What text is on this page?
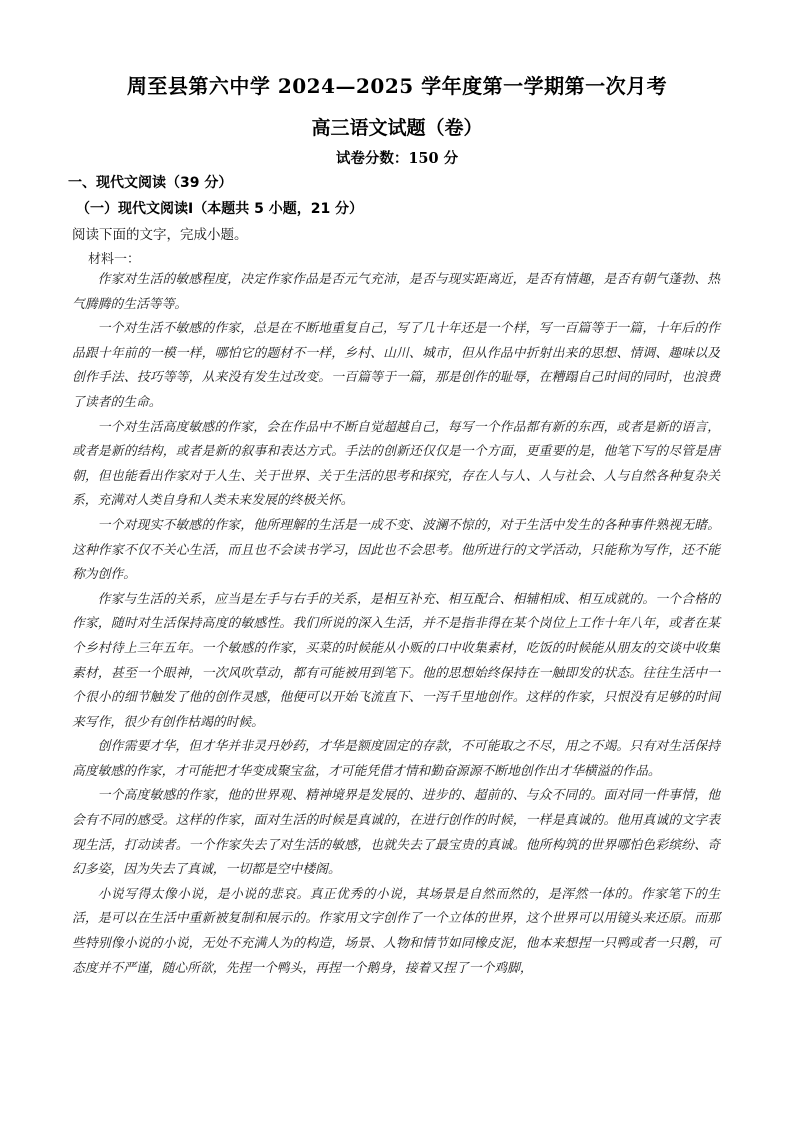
周至县第六中学 2024—2025 学年度第一学期第一次月考
高三语文试题（卷）
试卷分数：150 分
一、现代文阅读（39 分）
（一）现代文阅读Ⅰ（本题共 5 小题，21 分）
阅读下面的文字，完成小题。
材料一：

作家对生活的敏感程度，决定作家作品是否元气充沛，是否与现实距离近，是否有情趣，是否有朝气蓬勃、热气腾腾的生活等等。

一个对生活不敏感的作家，总是在不断地重复自己，写了几十年还是一个样，写一百篇等于一篇，十年后的作品跟十年前的一模一样，哪怕它的题材不一样，乡村、山川、城市，但从作品中折射出来的思想、情调、趣味以及创作手法、技巧等等，从来没有发生过改变。一百篇等于一篇，那是创作的耻辱，在糟蹋自己时间的同时，也浪费了读者的生命。

一个对生活高度敏感的作家，会在作品中不断自觉超越自己，每写一个作品都有新的东西，或者是新的语言，或者是新的结构，或者是新的叙事和表达方式。手法的创新还仅仅是一个方面，更重要的是，他笔下写的尽管是唐朝，但也能看出作家对于人生、关于世界、关于生活的思考和探究，存在人与人、人与社会、人与自然各种复杂关系，充满对人类自身和人类未来发展的终极关怀。

一个对现实不敏感的作家，他所理解的生活是一成不变、波澜不惊的，对于生活中发生的各种事件熟视无睹。这种作家不仅不关心生活，而且也不会读书学习，因此也不会思考。他所进行的文学活动，只能称为写作，还不能称为创作。

作家与生活的关系，应当是左手与右手的关系，是相互补充、相互配合、相辅相成、相互成就的。一个合格的作家，随时对生活保持高度的敏感性。我们所说的深入生活，并不是指非得在某个岗位上工作十年八年，或者在某个乡村待上三年五年。一个敏感的作家，买菜的时候能从小贩的口中收集素材，吃饭的时候能从朋友的交谈中收集素材，甚至一个眼神，一次风吹草动，都有可能被用到笔下。他的思想始终保持在一触即发的状态。往往生活中一个很小的细节触发了他的创作灵感，他便可以开始飞流直下、一泻千里地创作。这样的作家，只恨没有足够的时间来写作，很少有创作枯竭的时候。

创作需要才华，但才华并非灵丹妙药，才华是额度固定的存款，不可能取之不尽，用之不竭。只有对生活保持高度敏感的作家，才可能把才华变成聚宝盆，才可能凭借才情和勤奋源源不断地创作出才华横溢的作品。

一个高度敏感的作家，他的世界观、精神境界是发展的、进步的、超前的、与众不同的。面对同一件事情，他会有不同的感受。这样的作家，面对生活的时候是真诚的，在进行创作的时候，一样是真诚的。他用真诚的文字表现生活，打动读者。一个作家失去了对生活的敏感，也就失去了最宝贵的真诚。他所构筑的世界哪怕色彩缤纷、奇幻多姿，因为失去了真诚，一切都是空中楼阁。

小说写得太像小说，是小说的悲哀。真正优秀的小说，其场景是自然而然的，是浑然一体的。作家笔下的生活，是可以在生活中重新被复制和展示的。作家用文字创作了一个立体的世界，这个世界可以用镜头来还原。而那些特别像小说的小说，无处不充满人为的构造，场景、人物和情节如同橡皮泥，他本来想捏一只鸭或者一只鹅，可态度并不严谨，随心所欲，先捏一个鸭头，再捏一个鹅身，接着又捏了一个鸡脚，
